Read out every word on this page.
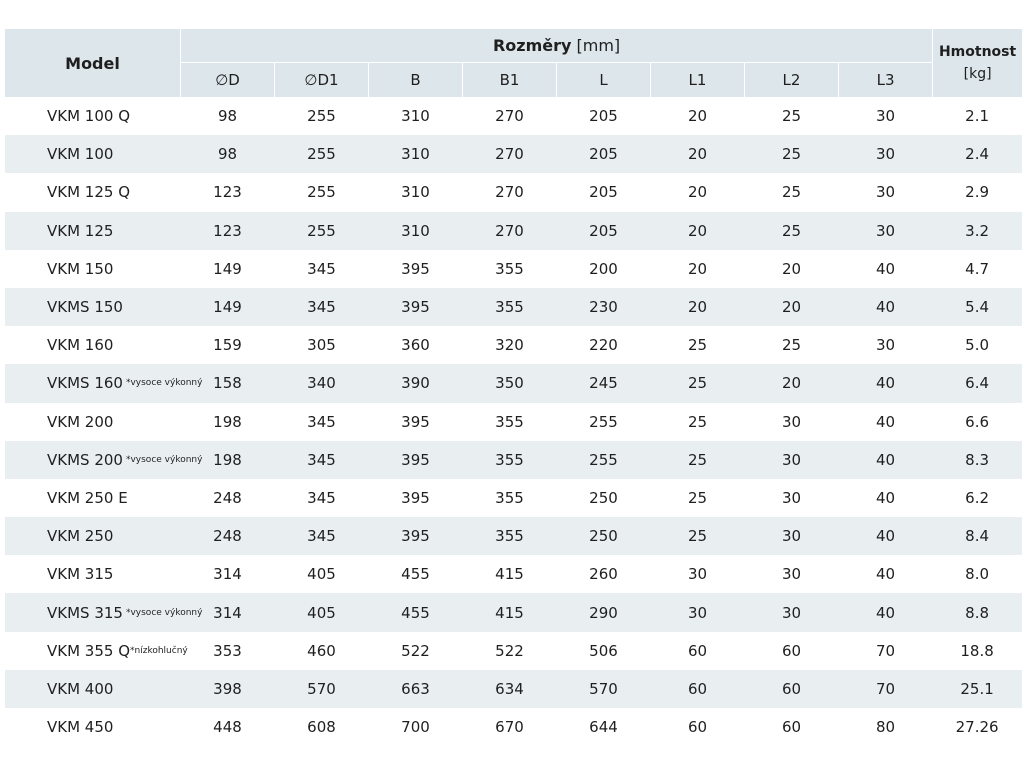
Model	Rozměry [mm]								Hmotnost
[kg]
	∅D	∅D1	B	B1	L	L1	L2	L3	
VKM 100 Q	98	255	310	270	205	20	25	30	2.1
VKM 100	98	255	310	270	205	20	25	30	2.4
VKM 125 Q	123	255	310	270	205	20	25	30	2.9
VKM 125	123	255	310	270	205	20	25	30	3.2
VKM 150	149	345	395	355	200	20	20	40	4.7
VKMS 150	149	345	395	355	230	20	20	40	5.4
VKM 160	159	305	360	320	220	25	25	30	5.0
VKMS 160 $^{*vysoce výkonný}$	158	340	390	350	245	25	20	40	6.4
VKM 200	198	345	395	355	255	25	30	40	6.6
VKMS 200 $^{*vysoce výkonný}$	198	345	395	355	255	25	30	40	8.3
VKM 250 E	248	345	395	355	250	25	30	40	6.2
VKM 250	248	345	395	355	250	25	30	40	8.4
VKM 315	314	405	455	415	260	30	30	40	8.0
VKMS 315 $^{*vysoce výkonný}$	314	405	455	415	290	30	30	40	8.8
VKM 355 Q$^{*nízkohlučný}$	353	460	522	522	506	60	60	70	18.8
VKM 400	398	570	663	634	570	60	60	70	25.1
VKM 450	448	608	700	670	644	60	60	80	27.26
